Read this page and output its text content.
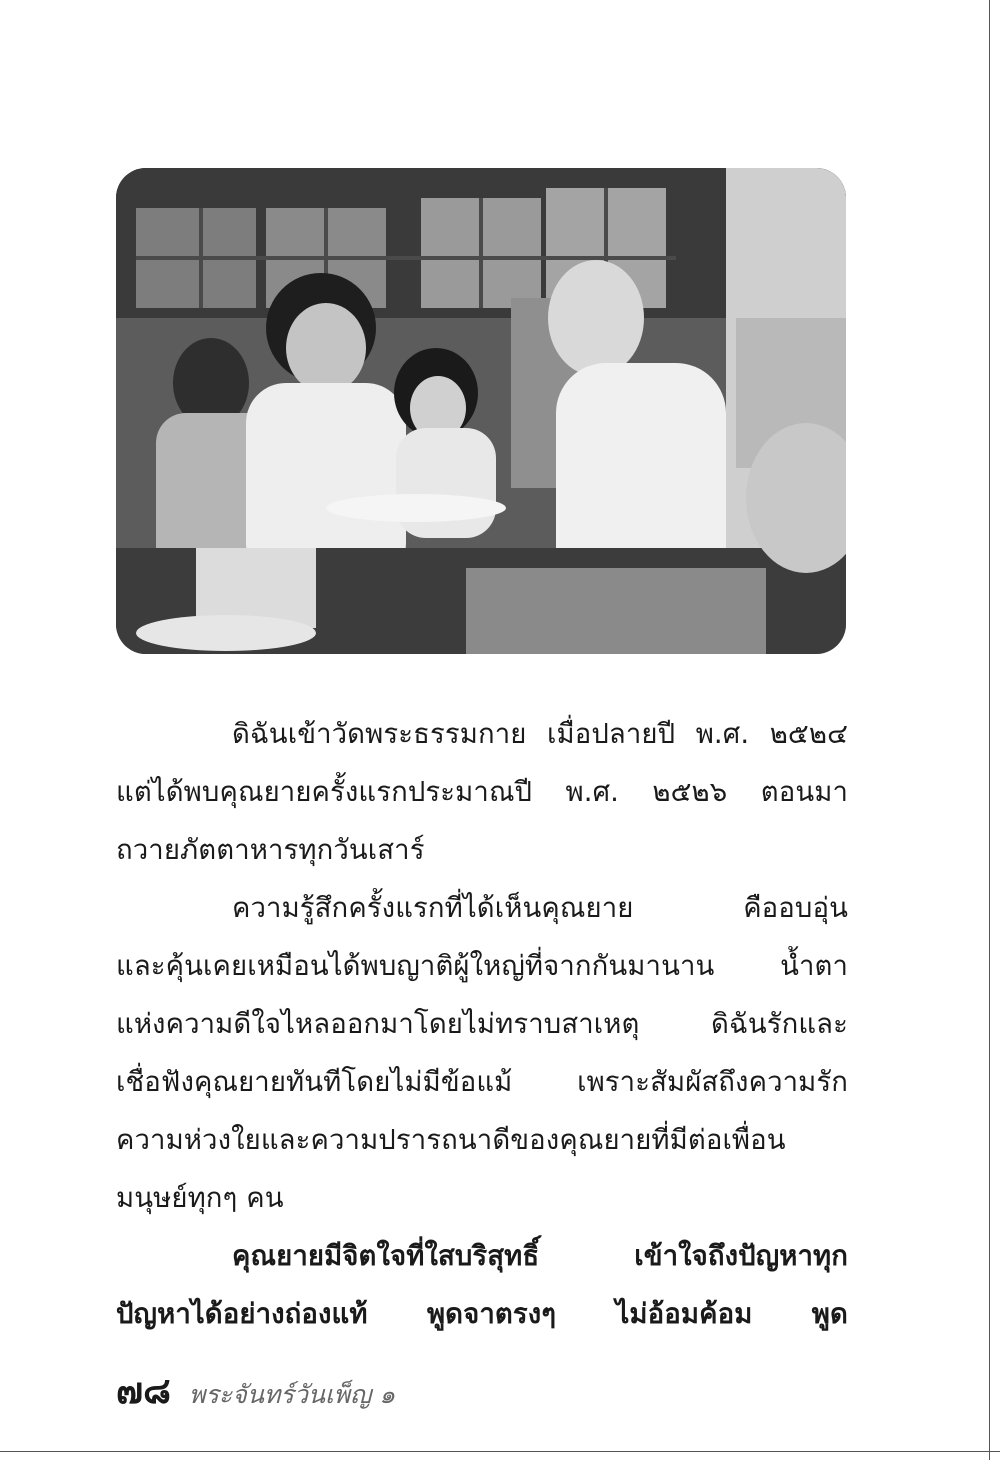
ดิฉันเข้าวัดพระธรรมกาย เมื่อปลายปี พ.ศ. ๒๕๒๔
แต่ได้พบคุณยายครั้งแรกประมาณปี พ.ศ. ๒๕๒๖ ตอนมา
ถวายภัตตาหารทุกวันเสาร์
ความรู้สึกครั้งแรกที่ได้เห็นคุณยาย คืออบอุ่น
และคุ้นเคยเหมือนได้พบญาติผู้ใหญ่ที่จากกันมานาน น้ำตา
แห่งความดีใจไหลออกมาโดยไม่ทราบสาเหตุ ดิฉันรักและ
เชื่อฟังคุณยายทันทีโดยไม่มีข้อแม้ เพราะสัมผัสถึงความรัก
ความห่วงใยและความปรารถนาดีของคุณยายที่มีต่อเพื่อน
มนุษย์ทุกๆ คน
คุณยายมีจิตใจที่ใสบริสุทธิ์ เข้าใจถึงปัญหาทุก
ปัญหาได้อย่างถ่องแท้ พูดจาตรงๆ ไม่อ้อมค้อม พูด
๗๘ พระจันทร์วันเพ็ญ ๑
